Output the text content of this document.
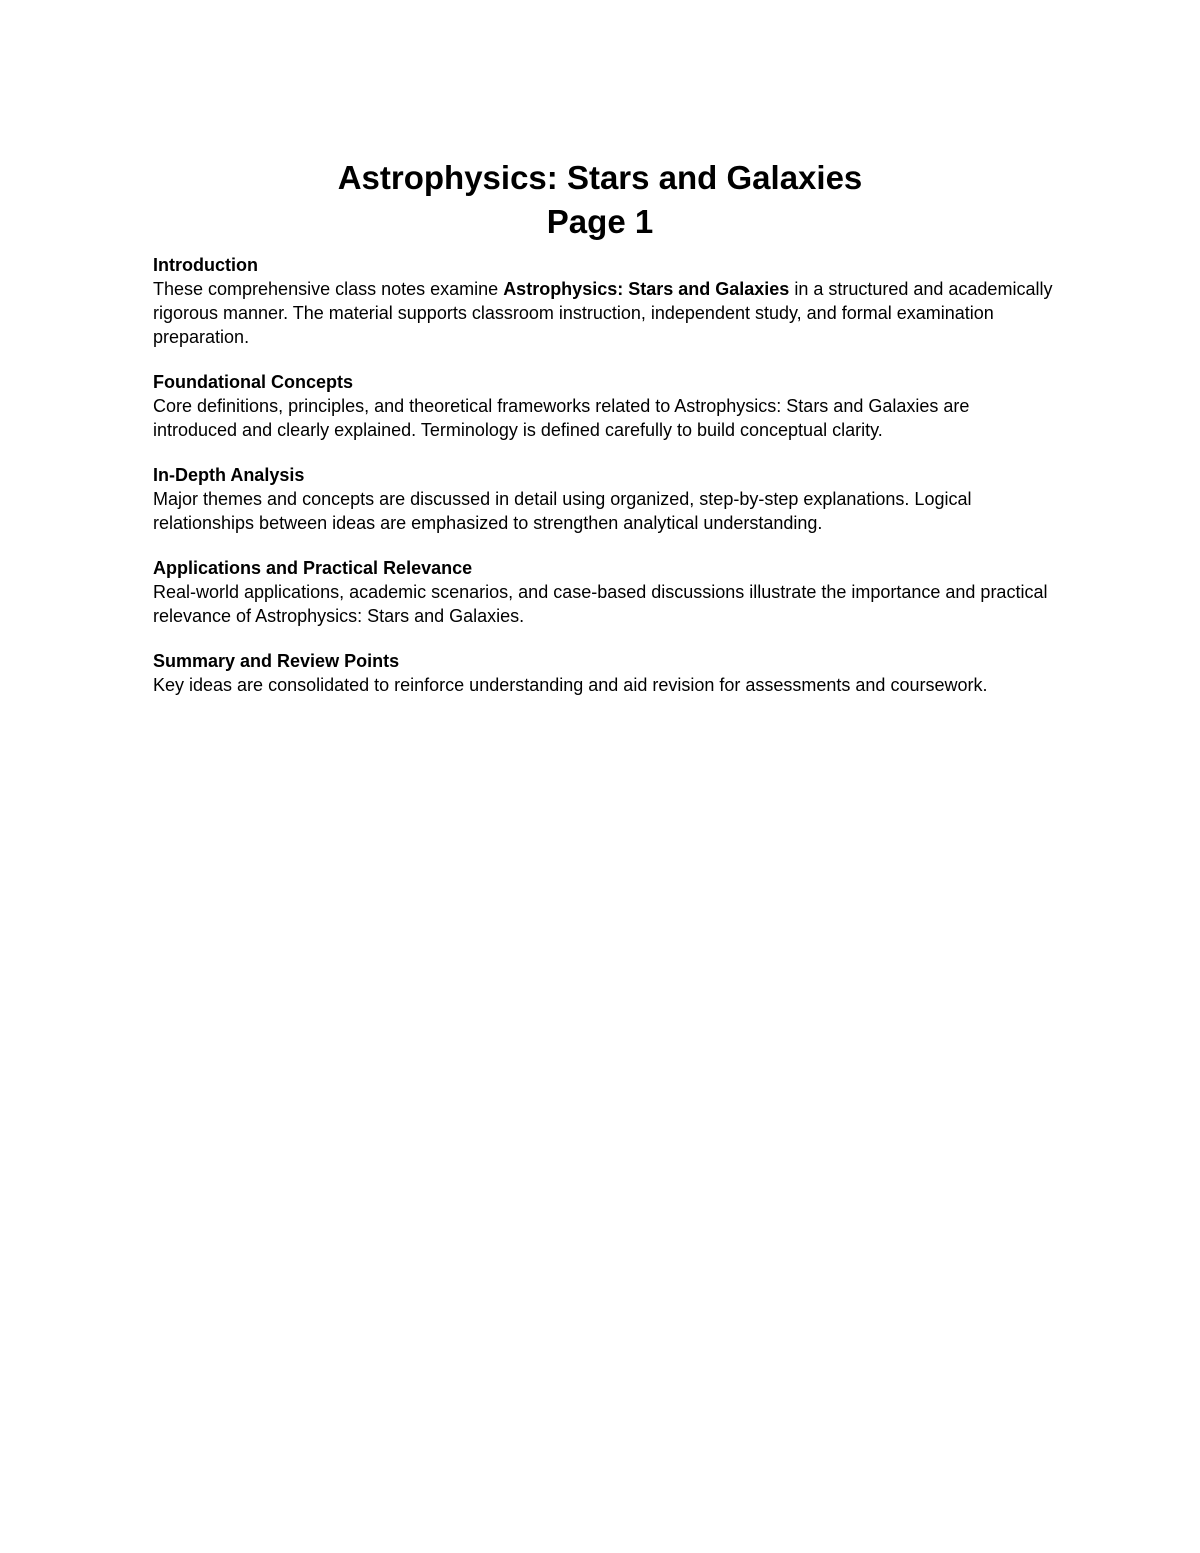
Astrophysics: Stars and Galaxies
Page 1
Introduction

These comprehensive class notes examine Astrophysics: Stars and Galaxies in a structured and academically rigorous manner. The material supports classroom instruction, independent study, and formal examination preparation.

Foundational Concepts

Core definitions, principles, and theoretical frameworks related to Astrophysics: Stars and Galaxies are introduced and clearly explained. Terminology is defined carefully to build conceptual clarity.

In-Depth Analysis

Major themes and concepts are discussed in detail using organized, step-by-step explanations. Logical relationships between ideas are emphasized to strengthen analytical understanding.

Applications and Practical Relevance

Real-world applications, academic scenarios, and case-based discussions illustrate the importance and practical relevance of Astrophysics: Stars and Galaxies.

Summary and Review Points

Key ideas are consolidated to reinforce understanding and aid revision for assessments and coursework.
